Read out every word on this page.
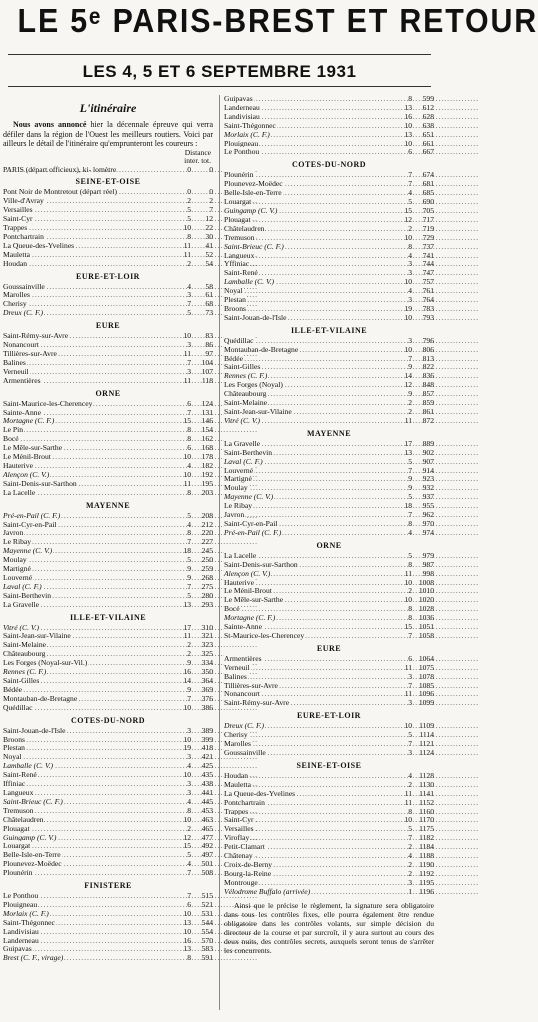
LE 5ᵉ PARIS-BREST ET RETOUR
LES 4, 5 ET 6 SEPTEMBRE 1931
L'itinéraire
Nous avons annoncé hier la décennale épreuve qui verra défiler dans la région de l'Ouest les meilleurs routiers. Voici par ailleurs le détail de l'itinéraire qu'emprunteront les coureurs :
Distance
inter. tot.
PARIS (départ officieux), ki- lomètre .....	0	0
SEINE-ET-OISE
Pont Noir de Montretout (départ réel) .....	0	0
Ville-d'Avray .....	2	2
Versailles .....	5	7
Saint-Cyr .....	5	12
Trappes .....	10	22
Pontchartrain .....	8	30
La Queue-des-Yvelines .....	11	41
Mauletta .....	11	52
Houdan .....	2	54
EURE-ET-LOIR
Goussainville .....	4	58
Marolles .....	3	61
Cherisy .....	7	68
Dreux (C. F.) .....	5	73
EURE
Saint-Rémy-sur-Avre .....	10	83
Nonancourt .....	3	86
Tillières-sur-Avre .....	11	97
Balines .....	7	104
Verneuil .....	3	107
Armentières .....	11	118
ORNE
Saint-Maurice-les-Cherencey .....	6	124
Sainte-Anne .....	7	131
Mortagne (C. F.) .....	15	146
Le Pin .....	8	154
Bocé .....	8	162
Le Mêle-sur-Sarthe .....	6	168
Le Ménil-Brout .....	10	178
Hauterive .....	4	182
Alençon (C. V.) .....	10	192
Saint-Denis-sur-Sarthon .....	11	195
La Lacelle .....	8	203
MAYENNE
Pré-en-Pail (C. F.) .....	5	208
Saint-Cyr-en-Pail .....	4	212
Javron .....	8	220
Le Ribay .....	7	227
Mayenne (C. V.) .....	18	245
Moulay .....	5	250
Martigné .....	9	259
Louverné .....	9	268
Laval (C. F.) .....	7	275
Saint-Berthevin .....	5	280
La Gravelle .....	13	293
ILLE-ET-VILAINE
Vitré (C. V.) .....	17	310
Saint-Jean-sur-Vilaine .....	11	321
Saint-Melaine .....	2	323
Châteaubourg .....	2	325
Les Forges (Noyal-sur-Vil.) .....	9	334
Rennes (C. F.) .....	16	350
Saint-Gilles .....	14	364
Bédée .....	9	369
Montauban-de-Bretagne .....	7	376
Quédillac .....	10	386
COTES-DU-NORD
Saint-Jouan-de-l'Isle .....	3	389
Broons .....	10	399
Plestan .....	19	418
Noyal .....	3	421
Lamballe (C. V.) .....	4	425
Saint-René .....	10	435
Iffiniac .....	3	438
Langueux .....	3	441
Saint-Brieuc (C. F.) .....	4	445
Tremuson .....	8	453
Châtelaudren .....	10	463
Plouagat .....	2	465
Guingamp (C. V.) .....	12	477
Louargat .....	15	492
Belle-Isle-en-Terre .....	5	497
Plounevez-Moëdec .....	4	501
Plounérin .....	7	508
FINISTERE
Le Ponthou .....	7	515
Plouigneau .....	6	521
Morlaix (C. F.) .....	10	531
Saint-Thégonnec .....	13	544
Landivisiau .....	10	554
Landerneau .....	16	570
Guipavas .....	13	583
Brest (C. F., virage) .....	8	591
Guipavas .....	8	599
Landerneau .....	13	612
Landivisiau .....	16	628
Saint-Thégonnec .....	10	638
Morlaix (C. F.) .....	13	651
Plouigneau .....	10	661
Le Ponthou .....	6	667
COTES-DU-NORD
Plounérin .....	7	674
Plounevez-Moëdec .....	7	681
Belle-Isle-en-Terre .....	4	685
Louargat .....	5	690
Guingamp (C. V.) .....	15	705
Plouagat .....	12	717
Châtelaudren .....	2	719
Tremuson .....	10	729
Saint-Brieuc (C. F.) .....	8	737
Langueux .....	4	741
Yffiniac .....	3	744
Saint-René .....	3	747
Lamballe (C. V.) .....	10	757
Noyal .....	4	761
Plestan .....	3	764
Broons .....	19	783
Saint-Jouan-de-l'Isle .....	10	793
ILLE-ET-VILAINE
Quédillac .....	3	796
Montauban-de-Bretagne .....	10	806
Bédée .....	7	813
Saint-Gilles .....	9	822
Rennes (C. F.) .....	14	836
Les Forges (Noyal) .....	12	848
Châteaubourg .....	9	857
Saint-Melaine .....	2	859
Saint-Jean-sur-Vilaine .....	2	861
Vitré (C. V.) .....	11	872
MAYENNE
La Gravelle .....	17	889
Saint-Berthevin .....	13	902
Laval (C. F.) .....	5	907
Louverné .....	7	914
Martigné .....	9	923
Moulay .....	9	932
Mayenne (C. V.) .....	5	937
Le Ribay .....	18	955
Javron .....	7	962
Saint-Cyr-en-Pail .....	8	970
Pré-en-Pail (C. F.) .....	4	974
ORNE
La Lacelle .....	5	979
Saint-Denis-sur-Sarthon .....	8	987
Alençon (C. V.) .....	11	998
Hauterive .....	10 1008
Le Ménil-Brout .....	2 1010
Le Mêle-sur-Sarthe .....	10 1020
Bocé .....	8 1028
Mortagne (C. F.) .....	8 1036
Sainte-Anne .....	15 1051
St-Maurice-les-Cherencey .....	7 1058
EURE
Armentières .....	6 1064
Verneuil .....	11 1075
Balines .....	3 1078
Tillières-sur-Avre .....	7 1085
Nonancourt .....	11 1096
Saint-Rémy-sur-Avre .....	3 1099
EURE-ET-LOIR
Dreux (C. F.) .....	10 1109
Cherisy .....	5 1114
Marolles .....	7 1121
Goussainville .....	3 1124
SEINE-ET-OISE
Houdan .....	4 1128
Mauletta .....	2 1130
La Queue-des-Yvelines .....	11 1141
Pontchartrain .....	11 1152
Trappes .....	8 1160
Saint-Cyr .....	10 1170
Versailles .....	5 1175
Viroflay .....	7 1182
Petit-Clamart .....	2 1184
Châtenay .....	4 1188
Croix-de-Berny .....	2 1190
Bourg-la-Reine .....	2 1192
Montrouge .....	3 1195
Vélodrome Buffalo (arrivée) .....	1 1196
Ainsi que le précise le règlement, la signature sera obligatoire dans tous les contrôles fixes, elle pourra également être rendue obligatoire dans les contrôles volants, sur simple décision du directeur de la course et par surcroît, il y aura surtout au cours des deux nuits, des contrôles secrets, auxquels seront tenus de s'arrêter les concurrents.
